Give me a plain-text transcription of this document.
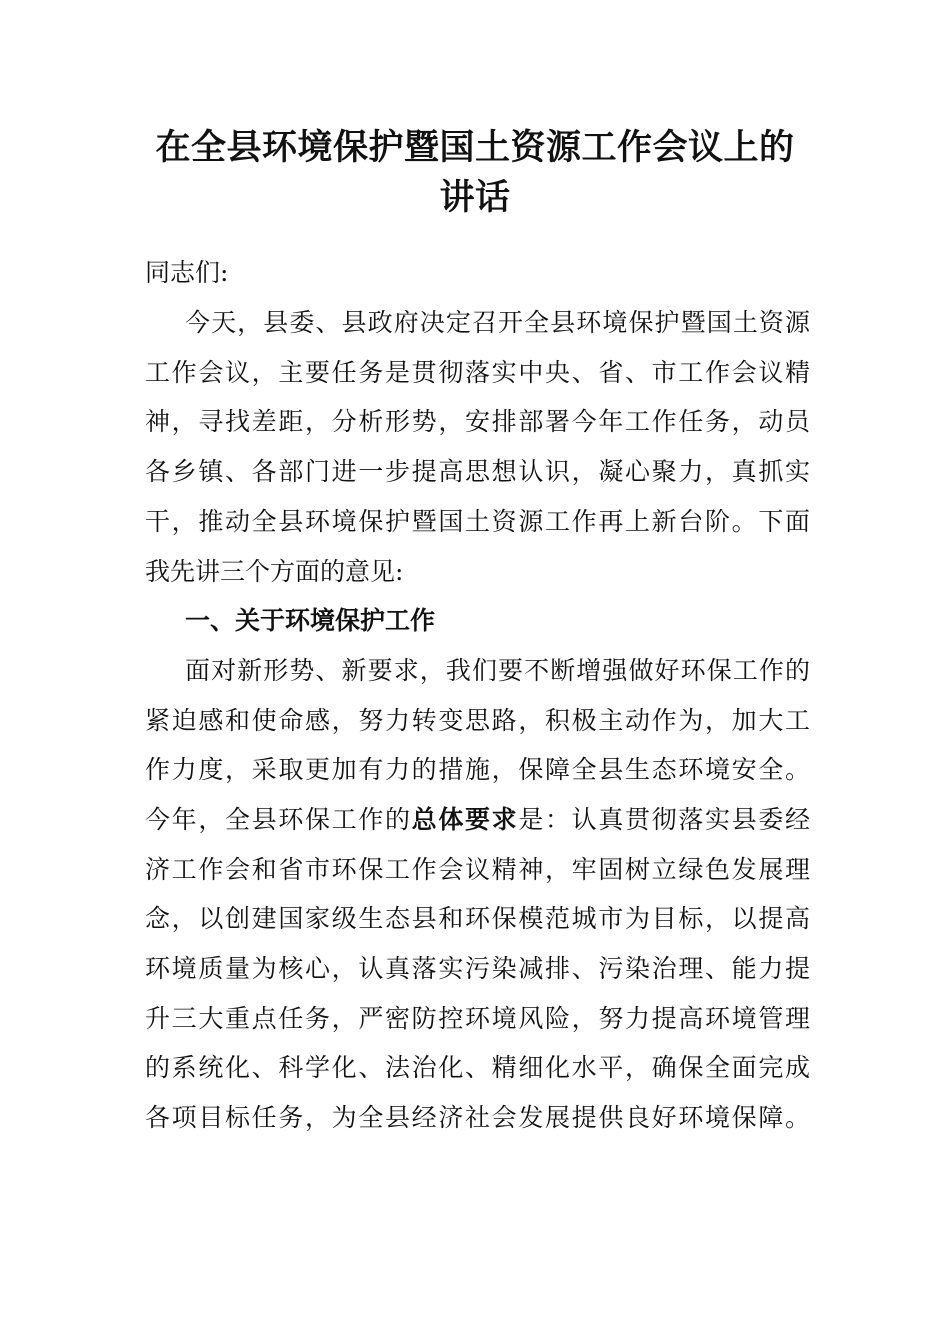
在全县环境保护暨国土资源工作会议上的
讲话
同志们:
今天，县委、县政府决定召开全县环境保护暨国土资源
工作会议，主要任务是贯彻落实中央、省、市工作会议精
神，寻找差距，分析形势，安排部署今年工作任务，动员
各乡镇、各部门进一步提高思想认识，凝心聚力，真抓实
干，推动全县环境保护暨国土资源工作再上新台阶。下面
我先讲三个方面的意见:
一、关于环境保护工作
面对新形势、新要求，我们要不断增强做好环保工作的
紧迫感和使命感，努力转变思路，积极主动作为，加大工
作力度，采取更加有力的措施，保障全县生态环境安全。
今年，全县环保工作的总体要求是：认真贯彻落实县委经
济工作会和省市环保工作会议精神，牢固树立绿色发展理
念，以创建国家级生态县和环保模范城市为目标，以提高
环境质量为核心，认真落实污染减排、污染治理、能力提
升三大重点任务，严密防控环境风险，努力提高环境管理
的系统化、科学化、法治化、精细化水平，确保全面完成
各项目标任务，为全县经济社会发展提供良好环境保障。
